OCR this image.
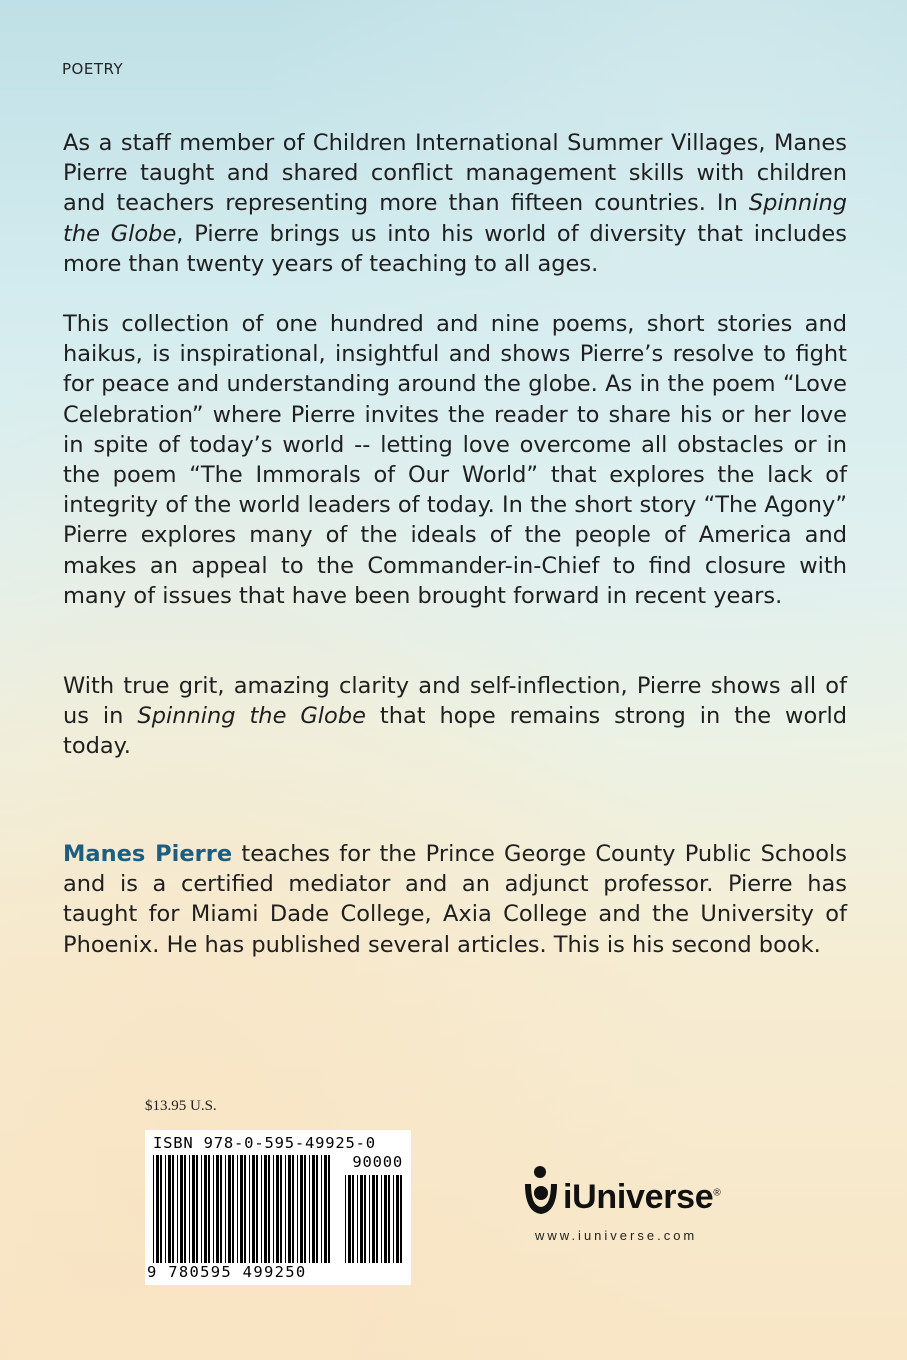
POETRY

As a staff member of Children International Summer Villages, Manes Pierre taught and shared conflict management skills with children and teachers representing more than fifteen countries. In Spinning the Globe, Pierre brings us into his world of diversity that includes more than twenty years of teaching to all ages.

This collection of one hundred and nine poems, short stories and haikus, is inspirational, insightful and shows Pierre’s resolve to fight for peace and understanding around the globe. As in the poem “Love Celebration” where Pierre invites the reader to share his or her love in spite of today’s world -- letting love overcome all obstacles or in the poem “The Immorals of Our World” that explores the lack of integrity of the world leaders of today. In the short story “The Agony” Pierre explores many of the ideals of the people of America and makes an appeal to the Commander-in-Chief to find closure with many of issues that have been brought forward in recent years.

With true grit, amazing clarity and self-inflection, Pierre shows all of us in Spinning the Globe that hope remains strong in the world today.

Manes Pierre teaches for the Prince George County Public Schools and is a certified mediator and an adjunct professor. Pierre has taught for Miami Dade College, Axia College and the University of Phoenix. He has published several articles. This is his second book.

$13.95 U.S.
ISBN 978-0-595-49925-0
90000
9 780595 499250
iUniverse®
www.iuniverse.com
